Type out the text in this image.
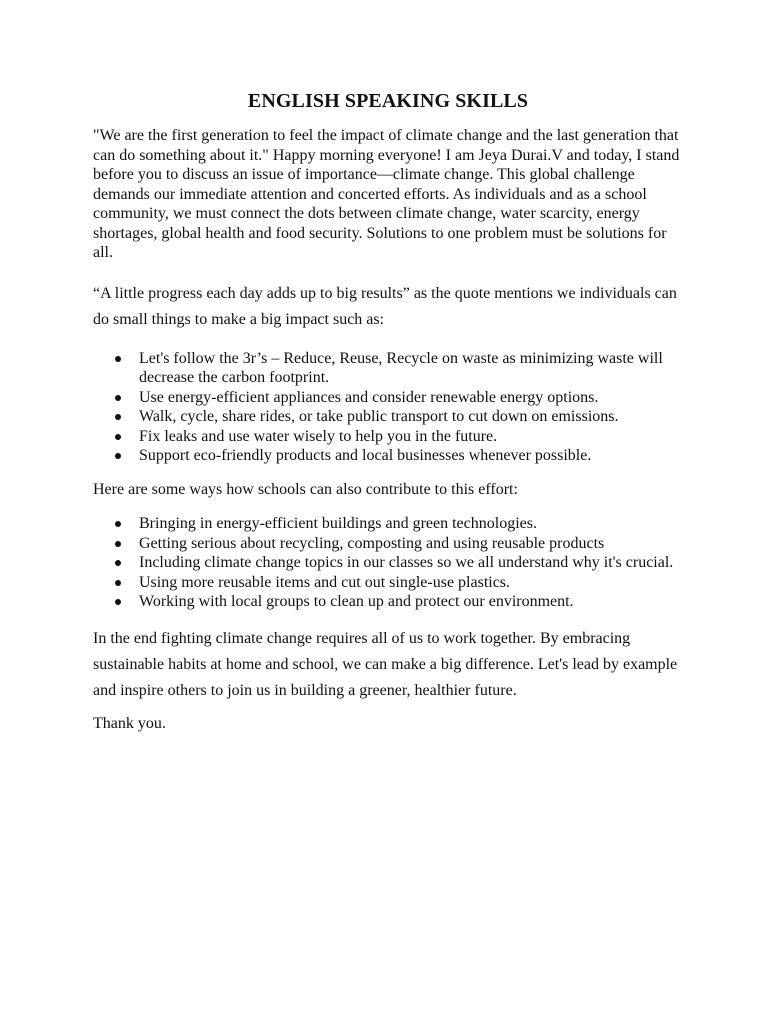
ENGLISH SPEAKING SKILLS

"We are the first generation to feel the impact of climate change and the last generation that can do something about it." Happy morning everyone! I am Jeya Durai.V and today, I stand before you to discuss an issue of importance—climate change. This global challenge demands our immediate attention and concerted efforts. As individuals and as a school community, we must connect the dots between climate change, water scarcity, energy shortages, global health and food security. Solutions to one problem must be solutions for all.

“A little progress each day adds up to big results” as the quote mentions we individuals can do small things to make a big impact such as:

Let's follow the 3r’s – Reduce, Reuse, Recycle on waste as minimizing waste will decrease the carbon footprint.
Use energy-efficient appliances and consider renewable energy options.
Walk, cycle, share rides, or take public transport to cut down on emissions.
Fix leaks and use water wisely to help you in the future.
Support eco-friendly products and local businesses whenever possible.

Here are some ways how schools can also contribute to this effort:

Bringing in energy-efficient buildings and green technologies.
Getting serious about recycling, composting and using reusable products
Including climate change topics in our classes so we all understand why it's crucial.
Using more reusable items and cut out single-use plastics.
Working with local groups to clean up and protect our environment.

In the end fighting climate change requires all of us to work together. By embracing sustainable habits at home and school, we can make a big difference. Let's lead by example and inspire others to join us in building a greener, healthier future.

Thank you.
